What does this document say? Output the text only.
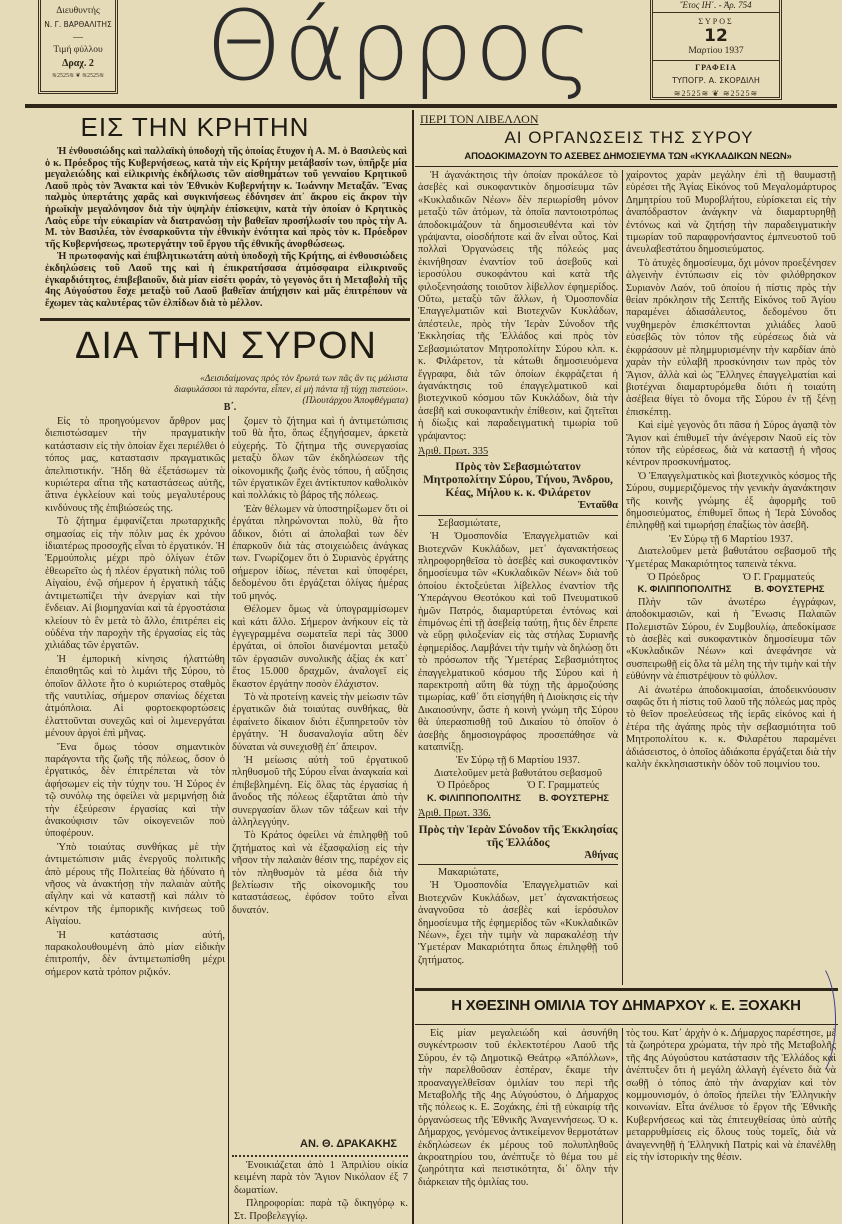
Διευθυντής
Ν. Γ. ΒΑΡΘΑΛΙΤΗΣ
—
Τιμή φύλλου
Δραχ. 2
≋2525≋ ❦ ≋2525≋ Θάρρος	Ἔτος ΙΗ΄. - Ἀρ. 754
ΣΥΡΟΣ
12
Μαρτίου 1937
ΓΡΑΦΕΙΑ
ΤΥΠΟΓΡ. Α. ΣΚΟΡΔΙΛΗ
≋2525≋ ❦ ≋2525≋
ΕΙΣ ΤΗΝ ΚΡΗΤΗΝ

Ἡ ἐνθουσιώδης καὶ παλλαϊκὴ ὑποδοχὴ τῆς ὁποίας ἔτυχον ἡ Α. Μ. ὁ Βασιλεὺς καὶ ὁ κ. Πρόεδρος τῆς Κυβερνήσεως, κατὰ τὴν εἰς Κρήτην μετάβασίν των, ὑπῆρξε μία μεγαλειώδης καὶ εἰλικρινὴς ἐκδήλωσις τῶν αἰσθημάτων τοῦ γενναίου Κρητικοῦ Λαοῦ πρὸς τὸν Ἄνακτα καὶ τὸν Ἐθνικὸν Κυβερνήτην κ. Ἰωάννην Μεταξᾶν. Ἕνας παλμὸς ὑπερτάτης χαρᾶς καὶ συγκινήσεως ἐδόνησεν ἀπ᾽ ἄκρου εἰς ἄκρον τὴν ἡρωϊκὴν μεγαλόνησον διὰ τὴν ὑψηλὴν ἐπίσκεψιν, κατὰ τὴν ὁποίαν ὁ Κρητικὸς Λαὸς εὗρε τὴν εὐκαιρίαν νὰ διατρανώσῃ τὴν βαθεῖαν προσήλωσίν του πρὸς τὴν Α. Μ. τὸν Βασιλέα, τὸν ἐνσαρκοῦντα τὴν ἐθνικὴν ἑνότητα καὶ πρὸς τὸν κ. Πρόεδρον τῆς Κυβερνήσεως, πρωτεργάτην τοῦ ἔργου τῆς ἐθνικῆς ἀνορθώσεως.

Ἡ πρωτοφανὴς καὶ ἐπιβλητικωτάτη αὐτὴ ὑποδοχὴ τῆς Κρήτης, αἱ ἐνθουσιώδεις ἐκδηλώσεις τοῦ Λαοῦ της καὶ ἡ ἐπικρατήσασα ἀτμόσφαιρα εἰλικρινοῦς ἐγκαρδιότητος, ἐπιβεβαιοῦν, διὰ μίαν εἰσέτι φοράν, τὸ γεγονὸς ὅτι ἡ Μεταβολὴ τῆς 4ης Αὐγούστου ἔσχε μεταξὺ τοῦ Λαοῦ βαθεῖαν ἀπήχησιν καὶ μᾶς ἐπιτρέπουν νὰ ἔχωμεν τὰς καλυτέρας τῶν ἐλπίδων διὰ τὸ μέλλον.

ΔΙΑ ΤΗΝ ΣΥΡΟΝ
«Δεισιδαίμονας πρὸς τὸν ἔρωτά των πᾶς ἂν τις μάλιστα διαφυλάσσοι τὰ παρόντα, εἶπεν, εἰ μὴ πάντα τῇ τύχῃ πιστεύοι».
(Πλουτάρχου Ἀποφθέγματα)
Β΄.

Εἰς τὸ προηγούμενον ἄρθρον μας διεπιστώσαμεν τὴν πραγματικὴν κατάστασιν εἰς τὴν ὁποίαν ἔχει περιέλθει ὁ τόπος μας, καταστασιν πραγματικῶς ἀπελπιστικήν. Ἤδη θὰ ἐξετάσωμεν τὰ κυριώτερα αἴτια τῆς καταστάσεως αὐτῆς, ἅτινα ἐγκλείουν καὶ τοὺς μεγαλυτέρους κινδύνους τῆς ἐπιβιώσεώς της.

Τὸ ζήτημα ἐμφανίζεται πρωταρχικῆς σημασίας εἰς τὴν πόλιν μας ἐκ χρόνου ἰδιαιτέρως προσοχῆς εἶναι τὸ ἐργατικόν. Ἡ Ἑρμούπολις μέχρι πρὸ ὀλίγων ἐτῶν ἐθεωρεῖτο ὡς ἡ πλέον ἐργατικὴ πόλις τοῦ Αἰγαίου, ἐνῷ σήμερον ἡ ἐργατικὴ τάξις ἀντιμετωπίζει τὴν ἀνεργίαν καὶ τὴν ἔνδειαν. Αἱ βιομηχανίαι καὶ τὰ ἐργοστάσια κλείουν τὸ ἓν μετὰ τὸ ἄλλο, ἐπιτρέπει εἰς οὐδένα τὴν παροχὴν τῆς ἐργασίας εἰς τὰς χιλιάδας τῶν ἐργατῶν.

Ἡ ἐμπορικὴ κίνησις ἠλαττώθη ἐπαισθητῶς καὶ τὸ λιμάνι τῆς Σύρου, τὸ ὁποῖον ἄλλοτε ἦτο ὁ κυριώτερος σταθμὸς τῆς ναυτιλίας, σήμερον σπανίως δέχεται ἀτμόπλοια. Αἱ φορτοεκφορτώσεις ἐλαττοῦνται συνεχῶς καὶ οἱ λιμενεργάται μένουν ἀργοὶ ἐπὶ μῆνας.

Ἕνα ὅμως τόσον σημαντικὸν παράγοντα τῆς ζωῆς τῆς πόλεως, ὅσον ὁ ἐργατικός, δὲν ἐπιτρέπεται νὰ τὸν ἀφήσωμεν εἰς τὴν τύχην του. Ἡ Σύρος ἐν τῷ συνόλῳ της ὀφείλει νὰ μεριμνήσῃ διὰ τὴν ἐξεύρεσιν ἐργασίας καὶ τὴν ἀνακούφισιν τῶν οἰκογενειῶν ποὺ ὑποφέρουν.

Ὑπὸ τοιαύτας συνθήκας μὲ τὴν ἀντιμετώπισιν μιᾶς ἐνεργοῦς πολιτικῆς ἀπὸ μέρους τῆς Πολιτείας θὰ ἠδύνατο ἡ νῆσος νὰ ἀνακτήσῃ τὴν παλαιὰν αὐτῆς αἴγλην καὶ νὰ καταστῇ καὶ πάλιν τὸ κέντρον τῆς ἐμπορικῆς κινήσεως τοῦ Αἰγαίου.

Ἡ κατάστασις αὐτή, παρακολουθουμένη ἀπὸ μίαν εἰδικὴν ἐπιτροπήν, δὲν ἀντιμετωπίσθη μέχρι σήμερον κατὰ τρόπον ριζικόν.

ζομεν τὸ ζήτημα καὶ ἡ ἀντιμετώπισις τοῦ θὰ ἦτο, ὅπως ἐξηγήσαμεν, ἀρκετὰ εὐχερής. Τὸ ζήτημα τῆς συνεργασίας μεταξὺ ὅλων τῶν ἐκδηλώσεων τῆς οἰκονομικῆς ζωῆς ἑνὸς τόπου, ἡ αὔξησις τῶν ἐργατικῶν ἔχει ἀντίκτυπον καθολικὸν καὶ πολλάκις τὸ βάρος τῆς πόλεως.

Ἐὰν θέλωμεν νὰ ὑποστηρίξωμεν ὅτι οἱ ἐργάται πληρώνονται πολὺ, θὰ ἦτο ἄδικον, διότι αἱ ἀπολαβαὶ των δὲν ἐπαρκοῦν διὰ τὰς στοιχειώδεις ἀνάγκας των. Γνωρίζομεν ὅτι ὁ Συριανὸς ἐργάτης σήμερον ἰδίως, πένεται καὶ ὑποφέρει, δεδομένου ὅτι ἐργάζεται ὀλίγας ἡμέρας τοῦ μηνός.

Θέλομεν ὅμως νὰ ὑπογραμμίσωμεν καὶ κάτι ἄλλο. Σήμερον ἀνήκουν εἰς τὰ ἐγγεγραμμένα σωματεῖα περὶ τὰς 3000 ἐργάται, οἱ ὁποῖοι διανέμονται μεταξὺ τῶν ἐργασιῶν συνολικῆς ἀξίας ἐκ κατ᾽ ἔτος 15.000 δραχμῶν, ἀναλογεῖ εἰς ἕκαστον ἐργάτην ποσὸν ἐλάχιστον.

Τὸ νὰ προτείνῃ κανεὶς τὴν μείωσιν τῶν ἐργατικῶν διὰ τοιαύτας συνθήκας, θὰ ἐφαίνετο δίκαιον διότι ἐξυπηρετοῦν τὸν ἐργάτην. Ἡ δυσαναλογία αὕτη δὲν δύναται νὰ συνεχισθῇ ἐπ᾽ ἄπειρον.

Ἡ μείωσις αὐτὴ τοῦ ἐργατικοῦ πληθυσμοῦ τῆς Σύρου εἶναι ἀναγκαία καὶ ἐπιβεβλημένη. Εἰς ὅλας τὰς ἐργασίας ἡ ἄνοδος τῆς πόλεως ἐξαρτᾶται ἀπὸ τὴν συνεργασίαν ὅλων τῶν τάξεων καὶ τὴν ἀλληλεγγύην.

Τὸ Κράτος ὀφείλει νὰ ἐπιληφθῇ τοῦ ζητήματος καὶ νὰ ἐξασφαλίσῃ εἰς τὴν νῆσον τὴν παλαιὰν θέσιν της, παρέχον εἰς τὸν πληθυσμὸν τὰ μέσα διὰ τὴν βελτίωσιν τῆς οἰκονομικῆς του καταστάσεως, ἐφόσον τοῦτο εἶναι δυνατόν.

ΑΝ. Θ. ΔΡΑΚΑΚΗΣ

Ἐνοικιάζεται ἀπὸ 1 Ἀπριλίου οἰκία κειμένη παρὰ τὸν Ἅγιον Νικόλαον ἐξ 7 δωματίων.

Πληροφορίαι: παρὰ τῷ δικηγόρῳ κ. Στ. Προβελεγγίῳ.

ΠΕΡΙ ΤΟΝ ΛΙΒΕΛΛΟΝ
ΑΙ ΟΡΓΑΝΩΣΕΙΣ ΤΗΣ ΣΥΡΟΥ
ΑΠΟΔΟΚΙΜΑΖΟΥΝ ΤΟ ΑΣΕΒΕΣ ΔΗΜΟΣΙΕΥΜΑ ΤΩΝ «ΚΥΚΛΑΔΙΚΩΝ ΝΕΩΝ»

Ἡ ἀγανάκτησις τὴν ὁποίαν προκάλεσε τὸ ἀσεβὲς καὶ συκοφαντικὸν δημοσίευμα τῶν «Κυκλαδικῶν Νέων» δὲν περιωρίσθη μόνον μεταξὺ τῶν ἀτόμων, τὰ ὁποῖα παντοιοτρόπως ἀποδοκιμάζουν τὰ δημοσιευθέντα καὶ τὸν γράψαντα, οἱοσδήποτε καὶ ἂν εἶναι οὗτος. Καὶ πολλαὶ Ὀργανώσεις τῆς πόλεώς μας ἐκινήθησαν ἐναντίον τοῦ ἀσεβοῦς καὶ ἱεροσύλου συκοφάντου καὶ κατὰ τῆς φιλοξενησάσης τοιοῦτον λίβελλον ἐφημερίδος. Οὕτω, μεταξὺ τῶν ἄλλων, ἡ Ὁμοσπονδία Ἐπαγγελματιῶν καὶ Βιοτεχνῶν Κυκλάδων, ἀπέστειλε, πρὸς τὴν Ἱερὰν Σύνοδον τῆς Ἐκκλησίας τῆς Ἑλλάδος καὶ πρὸς τὸν Σεβασμιώτατον Μητροπολίτην Σύρου κλπ. κ. κ. Φιλάρετον, τὰ κάτωθι δημοσιευόμενα ἔγγραφα, διὰ τῶν ὁποίων ἐκφράζεται ἡ ἀγανάκτησις τοῦ ἐπαγγελματικοῦ καὶ βιοτεχνικοῦ κόσμου τῶν Κυκλάδων, διὰ τὴν ἀσεβῆ καὶ συκοφαντικὴν ἐπίθεσιν, καὶ ζητεῖται ἡ δίωξις καὶ παραδειγματικὴ τιμωρία τοῦ γράψαντος:

Ἀριθ. Πρωτ. 335
Πρὸς τὸν Σεβασμιώτατον Μητροπολίτην Σύρου, Τήνου, Ἄνδρου, Κέας, Μήλου κ. κ. Φιλάρετον
Ἐνταῦθα

Σεβασμιώτατε,

Ἡ Ὁμοσπονδία Ἐπαγγελματιῶν καὶ Βιοτεχνῶν Κυκλάδων, μετ᾽ ἀγανακτήσεως πληροφορηθεῖσα τὸ ἀσεβὲς καὶ συκοφαντικὸν δημοσίευμα τῶν «Κυκλαδικῶν Νέων» διὰ τοῦ ὁποίου ἐκτοξεύεται λίβελλος ἐναντίον τῆς Ὑπεράγνου Θεοτόκου καὶ τοῦ Πνευματικοῦ ἡμῶν Πατρός, διαμαρτύρεται ἐντόνως καὶ ἐπιμόνως ἐπὶ τῇ ἀσεβείᾳ ταύτῃ, ἥτις δὲν ἔπρεπε νὰ εὕρῃ φιλοξενίαν εἰς τὰς στήλας Συριανῆς ἐφημερίδος. Λαμβάνει τὴν τιμὴν νὰ δηλώσῃ ὅτι τὸ πρόσωπον τῆς Ὑμετέρας Σεβασμιότητος ἐπαγγελματικοῦ κόσμου τῆς Σύρου καὶ ἡ παρεκτροπὴ αὕτη θὰ τύχῃ τῆς ἀρμοζούσης τιμωρίας, καθ᾽ ὅτι εἰσηγήθη ἡ Διοίκησις εἰς τὴν Δικαιοσύνην, ὥστε ἡ κοινὴ γνώμη τῆς Σύρου θὰ ὑπερασπισθῇ τοῦ Δικαίου τὸ ὁποῖον ὁ ἀσεβὴς δημοσιογράφος προσεπάθησε νὰ καταπνίξῃ.

Ἐν Σύρῳ τῇ 6 Μαρτίου 1937.
Διατελοῦμεν μετὰ βαθυτάτου σεβασμοῦ
Ὁ Πρόεδρος	Ὁ Γ. Γραμματεύς
Κ. ΦΙΛΙΠΠΟΠΟΛΙΤΗΣ Β. ΦΟΥΣΤΕΡΗΣ
Ἀριθ. Πρωτ. 336.
Πρὸς τὴν Ἱερὰν Σύνοδον τῆς Ἐκκλησίας τῆς Ἑλλάδος
Ἀθήνας

Μακαριώτατε,

Ἡ Ὁμοσπονδία Ἐπαγγελματιῶν καὶ Βιοτεχνῶν Κυκλάδων, μετ᾽ ἀγανακτήσεως ἀναγνοῦσα τὸ ἀσεβὲς καὶ ἱερόσυλον δημοσίευμα τῆς ἐφημερίδος τῶν «Κυκλαδικῶν Νέων», ἔχει τὴν τιμὴν νὰ παρακαλέσῃ τὴν Ὑμετέραν Μακαριότητα ὅπως ἐπιληφθῇ τοῦ ζητήματος.

χαίροντος χαρὰν μεγάλην ἐπὶ τῇ θαυμαστῇ εὑρέσει τῆς Ἁγίας Εἰκόνος τοῦ Μεγαλομάρτυρος Δημητρίου τοῦ Μυροβλήτου, εὑρίσκεται εἰς τὴν ἀναπόδραστον ἀνάγκην νὰ διαμαρτυρηθῇ ἐντόνως καὶ νὰ ζητήσῃ τὴν παραδειγματικὴν τιμωρίαν τοῦ παραφρονήσαντος ἐμπνευστοῦ τοῦ ἀνευλαβεστάτου δημοσιεύματος.

Τὸ ἀτυχὲς δημοσίευμα, ὄχι μόνον προεξένησεν ἀλγεινὴν ἐντύπωσιν εἰς τὸν φιλόθρησκον Συριανὸν Λαόν, τοῦ ὁποίου ἡ πίστις πρὸς τὴν θείαν πρόκλησιν τῆς Σεπτῆς Εἰκόνος τοῦ Ἁγίου παραμένει ἀδιασάλευτος, δεδομένου ὅτι νυχθημερὸν ἐπισκέπτονται χιλιάδες λαοῦ εὐσεβῶς τὸν τόπον τῆς εὑρέσεως διὰ νὰ ἐκφράσουν μὲ πλημμυρισμένην τὴν καρδίαν ἀπὸ χαρὰν τὴν εὐλαβῆ προσκύνησιν των πρὸς τὸν Ἅγιον, ἀλλὰ καὶ ὡς Ἕλληνες ἐπαγγελματίαι καὶ βιοτέχναι διαμαρτυρόμεθα διότι ἡ τοιαύτη ἀσέβεια θίγει τὸ ὄνομα τῆς Σύρου ἐν τῇ ξένῃ ἐπισκέπτῃ.

Καὶ εἰμὲ γεγονὸς ὅτι πᾶσα ἡ Σύρος ἀγαπᾷ τὸν Ἅγιον καὶ ἐπιθυμεῖ τὴν ἀνέγερσιν Ναοῦ εἰς τὸν τόπον τῆς εὑρέσεως, διὰ νὰ καταστῇ ἡ νῆσος κέντρον προσκυνήματος.

Ὁ Ἐπαγγελματικὸς καὶ βιοτεχνικὸς κόσμος τῆς Σύρου, συμμεριζόμενος τὴν γενικὴν ἀγανάκτησιν τῆς κοινῆς γνώμης ἐξ ἀφορμῆς τοῦ δημοσιεύματος, ἐπιθυμεῖ ὅπως ἡ Ἱερὰ Σύνοδος ἐπιληφθῇ καὶ τιμωρήσῃ ἐπαξίως τὸν ἀσεβῆ.

Ἐν Σύρῳ τῇ 6 Μαρτίου 1937.

Διατελοῦμεν μετὰ βαθυτάτου σεβασμοῦ τῆς Ὑμετέρας Μακαριότητος ταπεινὰ τέκνα.

Ὁ Πρόεδρος	Ὁ Γ. Γραμματεύς
Κ. ΦΙΛΙΠΠΟΠΟΛΙΤΗΣ Β. ΦΟΥΣΤΕΡΗΣ

Πλὴν τῶν ἀνωτέρω ἐγγράφων, ἀποδοκιμασιῶν, καὶ ἡ Ἕνωσις Παλαιῶν Πολεμιστῶν Σύρου, ἐν Συμβουλίῳ, ἀπεδοκίμασε τὸ ἀσεβὲς καὶ συκοφαντικὸν δημοσίευμα τῶν «Κυκλαδικῶν Νέων» καὶ ἀνεφάνησε νὰ συσπειρωθῇ εἰς ὅλα τὰ μέλη της τὴν τιμὴν καὶ τὴν εὐθύνην νὰ ἐπιστρέψουν τὸ φύλλον.

Αἱ ἀνωτέρω ἀποδοκιμασίαι, ἀποδεικνύουσιν σαφῶς ὅτι ἡ πίστις τοῦ λαοῦ τῆς πόλεώς μας πρὸς τὸ θεῖον προελεύσεως τῆς ἱερᾶς εἰκόνος καὶ ἡ ἑτέρα τῆς ἀγάπης πρὸς τὴν σεβασμιότητα τοῦ Μητροπολίτου κ. κ. Φιλαρέτου παραμένει ἀδιάσειστος, ὁ ὁποῖος ἀδιάκοπα ἐργάζεται διὰ τὴν καλὴν ἐκκλησιαστικὴν ὁδὸν τοῦ ποιμνίου του.

Η ΧΘΕΣΙΝΗ ΟΜΙΛΙΑ ΤΟΥ ΔΗΜΑΡΧΟΥ κ. Ε. ΞΟΧΑΚΗ

Εἰς μίαν μεγαλειώδη καὶ ἀσυνήθη συγκέντρωσιν τοῦ ἐκλεκτοτέρου Λαοῦ τῆς Σύρου, ἐν τῷ Δημοτικῷ Θεάτρῳ «Ἀπόλλων», τὴν παρελθοῦσαν ἑσπέραν, ἔκαμε τὴν προαναγγελθεῖσαν ὁμιλίαν του περὶ τῆς Μεταβολῆς τῆς 4ης Αὐγούστου, ὁ Δήμαρχος τῆς πόλεως κ. Ε. Ξοχάκης, ἐπὶ τῇ εὐκαιρίᾳ τῆς ὀργανώσεως τῆς Ἐθνικῆς Ἀναγεννήσεως. Ὁ κ. Δήμαρχος, γενόμενος ἀντικείμενον θερμοτάτων ἐκδηλώσεων ἐκ μέρους τοῦ πολυπληθοῦς ἀκροατηρίου του, ἀνέπτυξε τὸ θέμα του μὲ ζωηρότητα καὶ πειστικότητα, δι᾽ ὅλην τὴν διάρκειαν τῆς ὁμιλίας του.

τὸς του. Κατ᾽ ἀρχὴν ὁ κ. Δήμαρχος παρέστησε, μὲ τὰ ζωηρότερα χρώματα, τὴν πρὸ τῆς Μεταβολῆς τῆς 4ης Αὐγούστου κατάστασιν τῆς Ἑλλάδος καὶ ἀνέπτυξεν ὅτι ἡ μεγάλη ἀλλαγὴ ἐγένετο διὰ νὰ σωθῇ ὁ τόπος ἀπὸ τὴν ἀναρχίαν καὶ τὸν κομμουνισμόν, ὁ ὁποῖος ἠπείλει τὴν Ἑλληνικὴν κοινωνίαν. Εἶτα ἀνέλυσε τὸ ἔργον τῆς Ἐθνικῆς Κυβερνήσεως καὶ τὰς ἐπιτευχθείσας ὑπὸ αὐτῆς μεταρρυθμίσεις εἰς ὅλους τοὺς τομεῖς, διὰ νὰ ἀναγεννηθῇ ἡ Ἑλληνικὴ Πατρὶς καὶ νὰ ἐπανέλθῃ εἰς τὴν ἱστορικὴν της θέσιν.
